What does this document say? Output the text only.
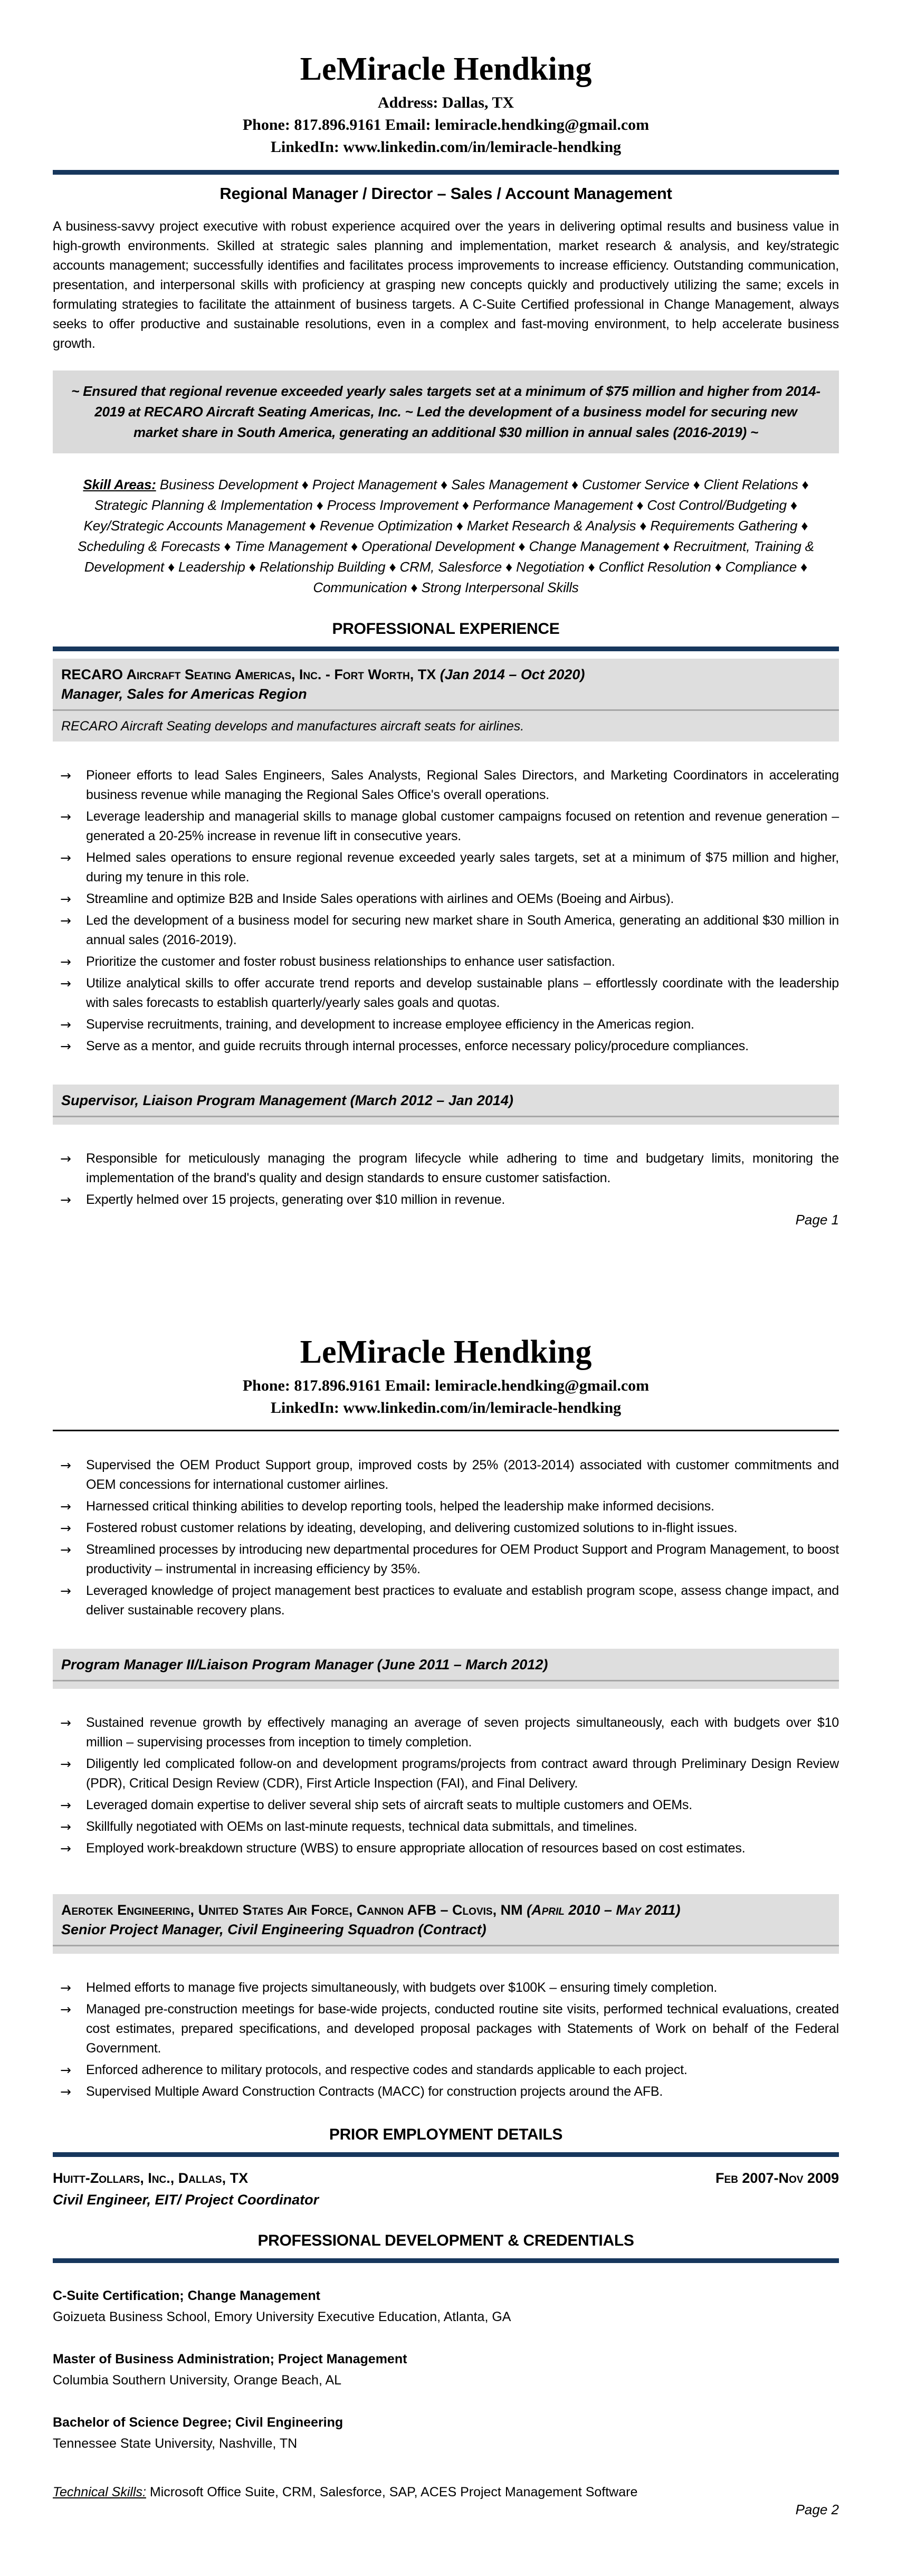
LeMiracle Hendking
Address: Dallas, TX
Phone: 817.896.9161 Email: lemiracle.hendking@gmail.com
LinkedIn: www.linkedin.com/in/lemiracle-hendking
Regional Manager / Director – Sales / Account Management
A business-savvy project executive with robust experience acquired over the years in delivering optimal results and business value in high-growth environments. Skilled at strategic sales planning and implementation, market research & analysis, and key/strategic accounts management; successfully identifies and facilitates process improvements to increase efficiency. Outstanding communication, presentation, and interpersonal skills with proficiency at grasping new concepts quickly and productively utilizing the same; excels in formulating strategies to facilitate the attainment of business targets. A C-Suite Certified professional in Change Management, always seeks to offer productive and sustainable resolutions, even in a complex and fast-moving environment, to help accelerate business growth.
~ Ensured that regional revenue exceeded yearly sales targets set at a minimum of $75 million and higher from 2014-2019 at RECARO Aircraft Seating Americas, Inc. ~ Led the development of a business model for securing new market share in South America, generating an additional $30 million in annual sales (2016-2019) ~
Skill Areas: Business Development ♦ Project Management ♦ Sales Management ♦ Customer Service ♦ Client Relations ♦ Strategic Planning & Implementation ♦ Process Improvement ♦ Performance Management ♦ Cost Control/Budgeting ♦ Key/Strategic Accounts Management ♦ Revenue Optimization ♦ Market Research & Analysis ♦ Requirements Gathering ♦ Scheduling & Forecasts ♦ Time Management ♦ Operational Development ♦ Change Management ♦ Recruitment, Training & Development ♦ Leadership ♦ Relationship Building ♦ CRM, Salesforce ♦ Negotiation ♦ Conflict Resolution ♦ Compliance ♦ Communication ♦ Strong Interpersonal Skills
PROFESSIONAL EXPERIENCE
RECARO Aircraft Seating Americas, Inc. - Fort Worth, TX (Jan 2014 – Oct 2020)
Manager, Sales for Americas Region
RECARO Aircraft Seating develops and manufactures aircraft seats for airlines.
→ Pioneer efforts to lead Sales Engineers, Sales Analysts, Regional Sales Directors, and Marketing Coordinators in accelerating business revenue while managing the Regional Sales Office's overall operations.
→ Leverage leadership and managerial skills to manage global customer campaigns focused on retention and revenue generation – generated a 20-25% increase in revenue lift in consecutive years.
→ Helmed sales operations to ensure regional revenue exceeded yearly sales targets, set at a minimum of $75 million and higher, during my tenure in this role.
→ Streamline and optimize B2B and Inside Sales operations with airlines and OEMs (Boeing and Airbus).
→ Led the development of a business model for securing new market share in South America, generating an additional $30 million in annual sales (2016-2019).
→ Prioritize the customer and foster robust business relationships to enhance user satisfaction.
→ Utilize analytical skills to offer accurate trend reports and develop sustainable plans – effortlessly coordinate with the leadership with sales forecasts to establish quarterly/yearly sales goals and quotas.
→ Supervise recruitments, training, and development to increase employee efficiency in the Americas region.
→ Serve as a mentor, and guide recruits through internal processes, enforce necessary policy/procedure compliances.
Supervisor, Liaison Program Management (March 2012 – Jan 2014)
→ Responsible for meticulously managing the program lifecycle while adhering to time and budgetary limits, monitoring the implementation of the brand's quality and design standards to ensure customer satisfaction.
→ Expertly helmed over 15 projects, generating over $10 million in revenue.
Page 1
LeMiracle Hendking
Phone: 817.896.9161 Email: lemiracle.hendking@gmail.com
LinkedIn: www.linkedin.com/in/lemiracle-hendking
→ Supervised the OEM Product Support group, improved costs by 25% (2013-2014) associated with customer commitments and OEM concessions for international customer airlines.
→ Harnessed critical thinking abilities to develop reporting tools, helped the leadership make informed decisions.
→ Fostered robust customer relations by ideating, developing, and delivering customized solutions to in-flight issues.
→ Streamlined processes by introducing new departmental procedures for OEM Product Support and Program Management, to boost productivity – instrumental in increasing efficiency by 35%.
→ Leveraged knowledge of project management best practices to evaluate and establish program scope, assess change impact, and deliver sustainable recovery plans.
Program Manager II/Liaison Program Manager (June 2011 – March 2012)
→ Sustained revenue growth by effectively managing an average of seven projects simultaneously, each with budgets over $10 million – supervising processes from inception to timely completion.
→ Diligently led complicated follow-on and development programs/projects from contract award through Preliminary Design Review (PDR), Critical Design Review (CDR), First Article Inspection (FAI), and Final Delivery.
→ Leveraged domain expertise to deliver several ship sets of aircraft seats to multiple customers and OEMs.
→ Skillfully negotiated with OEMs on last-minute requests, technical data submittals, and timelines.
→ Employed work-breakdown structure (WBS) to ensure appropriate allocation of resources based on cost estimates.
Aerotek Engineering, United States Air Force, Cannon AFB – Clovis, NM (April 2010 – May 2011)
Senior Project Manager, Civil Engineering Squadron (Contract)
→ Helmed efforts to manage five projects simultaneously, with budgets over $100K – ensuring timely completion.
→ Managed pre-construction meetings for base-wide projects, conducted routine site visits, performed technical evaluations, created cost estimates, prepared specifications, and developed proposal packages with Statements of Work on behalf of the Federal Government.
→ Enforced adherence to military protocols, and respective codes and standards applicable to each project.
→ Supervised Multiple Award Construction Contracts (MACC) for construction projects around the AFB.
PRIOR EMPLOYMENT DETAILS
Huitt-Zollars, Inc., Dallas, TX	Feb 2007-Nov 2009
Civil Engineer, EIT/ Project Coordinator
PROFESSIONAL DEVELOPMENT & CREDENTIALS
C-Suite Certification; Change Management
Goizueta Business School, Emory University Executive Education, Atlanta, GA
Master of Business Administration; Project Management
Columbia Southern University, Orange Beach, AL
Bachelor of Science Degree; Civil Engineering
Tennessee State University, Nashville, TN
Technical Skills: Microsoft Office Suite, CRM, Salesforce, SAP, ACES Project Management Software
Page 2
